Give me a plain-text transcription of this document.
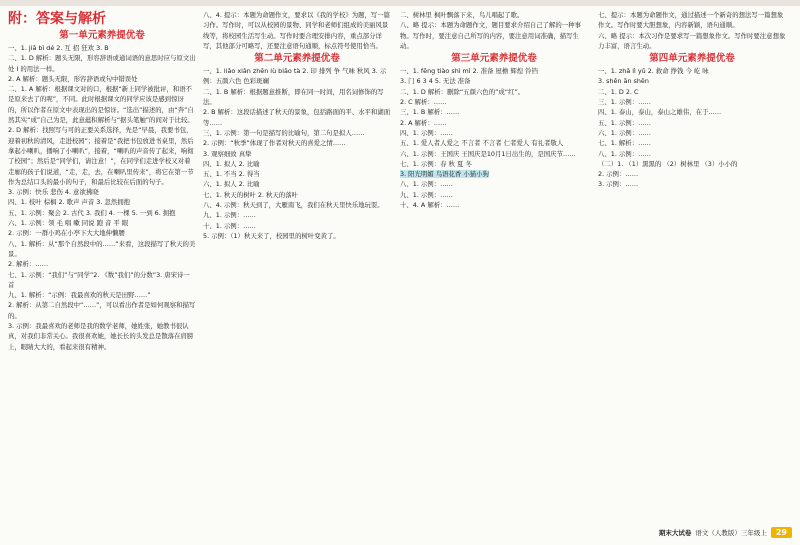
附：答案与解析

第一单元素养提优卷

一、1. jiā bì dé 2. 互 招 狂欢 3. B

二、1. D 解析：题头无限，形容辞语或通词语的意思时应与原文出处 I 的用法一样。

2. A 解析：题头无限，形容辞语或句中错误处

二、1. A 解析：根据课文对的口，根据“新上同学被批评，和语不是原来去了的呢”，不同。此时根据课文的同学应该是感到惊讶的，所以作者在原文中表现出的是惊讶。“选出”描述的，由“奔”自然其实“成”自己为是，此意蕴积解析与“据头笔触”的间对于比较。

2. D 解析：找照写与可的正要关系选择，先是“早晨，我要书包，迎着初秋的清风，走进校园”；接着是“我把书包放进书桌里，然后拿起小喇叭，播响了小喇叭”，接着，“喇叭的声音传了起来，响彻了校园”；然后是“同学们，请注意！”，在同学们走进学校又对着走廊的孩子们说道，“走，走，去，在喇叭里传来”，将它在第一节作为总结口头的最小的句子，和最后比较在后面的句子。

3. 示例：快乐 悲伤 4. 意欲拂晓

四、1. 枝叶 棕榈 2. 歌声 声音 3. 忽然拥抱

五、1. 示例：聚会 2. 古代 3. 我们 4. 一棵 5. 一到 6. 拥抱

六、1. 示例：领 毛 唱 嗽 同说 跑 音 平 眼

2. 示例：一群小鸡在小亭下大大地伸懒腰

八、1. 解析：从“那个自然段中的……”来看，这段描写了秋天的美景。

2. 解析：……

七、1. 示例：“我们”与“同学”2. 《数”我们”的分数”3. 唐宋诗一首

九、1. 解析：“示例：我最喜欢的秋天是田野……”

2. 解析：从第二自然段中“……”，可以看出作者是如何观察和描写的。

3. 示例：我最喜欢的老师是我的数学老师，她姓张，她教书很认真，对我们非常关心。我很喜欢她，她长长的头发总是散落在肩膀上，眼睛大大的，看起来很有精神。

八、4. 提示：本题为命题作文，要求以《我的学校》为题，写一篇习作。写作时，可以从校园的景物、同学和老师们组成的美丽风景线等，将校园生活写生动。写作时要合理安排内容，重点部分详写，其他部分可略写，还要注意语句通顺，标点符号使用恰当。

第二单元素养提优卷

一、1. liǎo xiān zhēn lù biāo tà 2. 印 排列 争 气味 秋风 3. 示例：五颜六色 色彩斑斓

二、1. B 解析：根据题意推断，即在同一时间，用名词修饰的写法。

2. B 解析：这段话描述了秋天的景象，包括路面的平、水平和湖面等……

三、1. 示例：第一句是描写的比喻句，第二句是拟人……

2. 示例：“秋季”体现了作者对秋天的喜爱之情……

3. 观察细致 真挚

四、1. 拟人 2. 比喻

五、1. 不当 2. 得当

六、1. 拟人 2. 比喻

七、1. 秋天的树叶 2. 秋天的落叶

八、4. 示例：秋天到了，大雁南飞，我们在秋天里快乐地玩耍。

九、1. 示例：……

十、1. 示例：……

5. 示例：（1）秋天来了，校园里的树叶变黄了。

二、树林里 枫叶飘落下来，鸟儿唱起了歌。

八、略 提示：本题为命题作文，题目要求介绍自己了解的一种事物。写作时，要注意自己所写的内容，要注意用词准确，描写生动。

第三单元素养提优卷

一、1. fēng tiào shì mì 2. 准备 屋檐 辉煌 铃铛

3. 门 6 3 4 5. 无法 准备

二、1. D 解析：删除“五颜六色的”成“红”。

2. C 解析：……

三、1. B 解析：……

2. A 解析：……

四、1. 示例：……

五、1. 爱人者人爱之 不言者 不言者 仁者爱人 有礼者敬人

六、1. 示例：王国庆 王国庆是10月1日出生的，是国庆节……

七、1. 示例：春 秋 夏 冬

3. 阳光明媚 鸟语花香 小猫小狗

八、1. 示例：……

九、1. 示例：……

十、4. A 解析：……

七、提示：本题为命题作文，通过描述一个新奇的想法写一篇想象作文。写作时要大胆想象，内容新颖，语句通顺。

六、略 提示：本次习作是要求写一篇想象作文。写作时要注意想象力丰富，语言生动。

第四单元素养提优卷

一、1. zhǎ lì yǔ 2. 救命 挣钱 今 屹 咏

3. shěn ān shěn

二、1. D 2. C

三、1. 示例：……

四、1. 泰山，泰山，泰山之雄伟，在于……

五、1. 示例：……

六、1. 示例：……

七、1. 解析：……

八、1. 示例：……

（二）1. （1）黑黑的 （2）树林里 （3）小小的

2. 示例：……

3. 示例：……

期末大试卷 语文（人教版）三年级上	29
